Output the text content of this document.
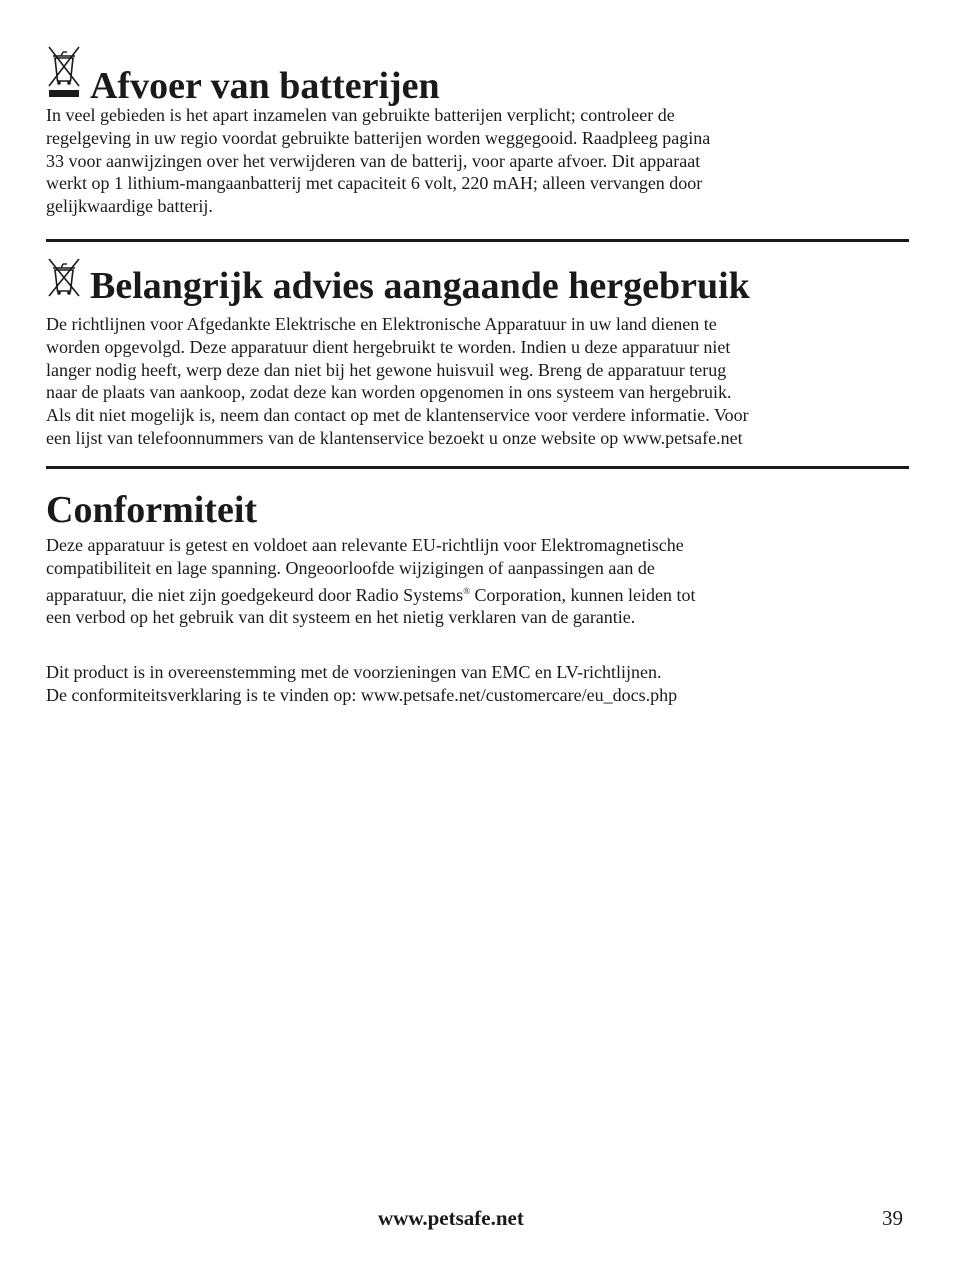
Afvoer van batterijen

In veel gebieden is het apart inzamelen van gebruikte batterijen verplicht; controleer de
regelgeving in uw regio voordat gebruikte batterijen worden weggegooid. Raadpleeg pagina
33 voor aanwijzingen over het verwijderen van de batterij, voor aparte afvoer. Dit apparaat
werkt op 1 lithium-mangaanbatterij met capaciteit 6 volt, 220 mAH; alleen vervangen door
gelijkwaardige batterij.

Belangrijk advies aangaande hergebruik

De richtlijnen voor Afgedankte Elektrische en Elektronische Apparatuur in uw land dienen te
worden opgevolgd. Deze apparatuur dient hergebruikt te worden. Indien u deze apparatuur niet
langer nodig heeft, werp deze dan niet bij het gewone huisvuil weg. Breng de apparatuur terug
naar de plaats van aankoop, zodat deze kan worden opgenomen in ons systeem van hergebruik.
Als dit niet mogelijk is, neem dan contact op met de klantenservice voor verdere informatie. Voor
een lijst van telefoonnummers van de klantenservice bezoekt u onze website op www.petsafe.net

Conformiteit

Deze apparatuur is getest en voldoet aan relevante EU-richtlijn voor Elektromagnetische
compatibiliteit en lage spanning. Ongeoorloofde wijzigingen of aanpassingen aan de
apparatuur, die niet zijn goedgekeurd door Radio Systems® Corporation, kunnen leiden tot
een verbod op het gebruik van dit systeem en het nietig verklaren van de garantie.

Dit product is in overeenstemming met de voorzieningen van EMC en LV-richtlijnen.
De conformiteitsverklaring is te vinden op: www.petsafe.net/customercare/eu_docs.php

www.petsafe.net	39
